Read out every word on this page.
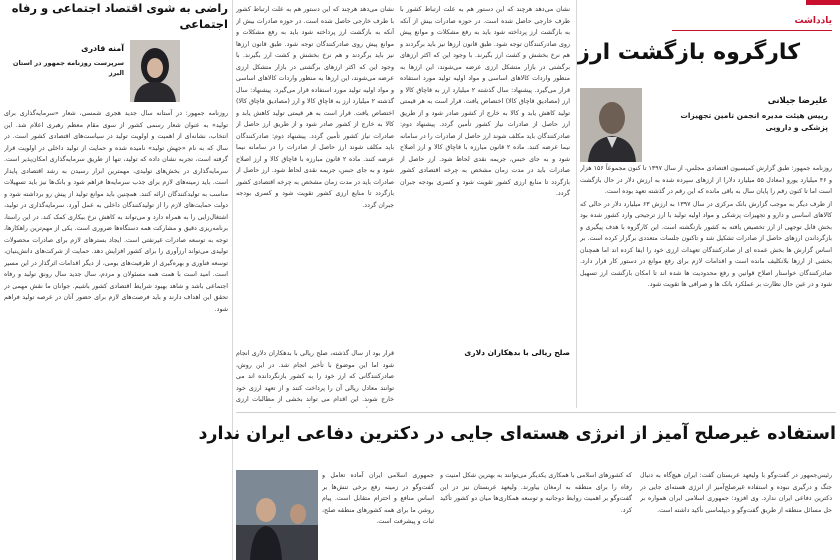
یادداشت
کارگروه بازگشت ارز
علیرضا جیلانی
رییس هیئت مدیره انجمن تامین تجهیزات پزشکی و دارویی

روزنامه جمهور: طبق گزارش کمیسیون اقتصادی مجلس، از سال ۱۳۹۷ تا کنون مجموعاً ۱۵۶ هزار و ۴۶ میلیارد یورو (معادل ۵۵ میلیارد دلار) از ارزهای سپرده شده به ارزش دلار در حال بازگشت است اما تا کنون رقم را پایان سال به باقی مانده که این رقم در گذشته تعهد بوده است.

از طرف دیگر به موجب گزارش بانک مرکزی در سال ۱۳۹۷ به ارزش ۶۳ میلیارد دلار در حالی که کالاهای اساسی و دارو و تجهیزات پزشکی و مواد اولیه تولید با ارز ترجیحی وارد کشور شده بود بخش قابل توجهی از ارز تخصیص یافته به کشور بازنگشته است. این کارگروه با هدف پیگیری و بازگرداندن ارزهای حاصل از صادرات تشکیل شد و تاکنون جلسات متعددی برگزار کرده است. بر اساس گزارش ها بخش عمده ای از صادرکنندگان تعهدات ارزی خود را ایفا کرده اند اما همچنان بخشی از ارزها بلاتکلیف مانده است و اقدامات لازم برای رفع موانع در دستور کار قرار دارد. صادرکنندگان خواستار اصلاح قوانین و رفع محدودیت ها شده اند تا امکان بازگشت ارز تسهیل شود و در عین حال نظارت بر عملکرد بانک ها و صرافی ها تقویت شود.

نشان می‌دهد هرچند که این دستور هم به علت ارتباط کشور با طرف خارجی حاصل شده است. در حوزه صادرات بیش از آنکه به بازگشت ارز پرداخته شود باید به رفع مشکلات و موانع پیش روی صادرکنندگان توجه شود. طبق قانون ارزها نیز باید برگردند و هم نرخ بخشش و کشت ارز بگیرند. با وجود این که اکثر ارزهای برگشتی در بازار متشکل ارزی عرضه می‌شوند، این ارزها به منظور واردات کالاهای اساسی و مواد اولیه تولید مورد استفاده قرار می‌گیرد. پیشنهاد: سال گذشته ۲ میلیارد ارز به قاچاق کالا و ارز (مصادیق قاچاق کالا) اختصاص یافت. قرار است به هر قیمتی تولید کاهش یابد و کالا به خارج از کشور صادر شود و از طریق ارز حاصل از صادرات نیاز کشور تأمین گردد. پیشنهاد دوم: صادرکنندگان باید مکلف شوند ارز حاصل از صادرات را در سامانه نیما عرضه کنند. ماده ۲ قانون مبارزه با قاچاق کالا و ارز اصلاح شود و به جای حبس، جریمه نقدی لحاظ شود. ارز حاصل از صادرات باید در مدت زمان مشخص به چرخه اقتصادی کشور بازگردد تا منابع ارزی کشور تقویت شود و کسری بودجه جبران گردد.

نشان می‌دهد هرچند که این دستور هم به علت ارتباط کشور با طرف خارجی حاصل شده است. در حوزه صادرات بیش از آنکه به بازگشت ارز پرداخته شود باید به رفع مشکلات و موانع پیش روی صادرکنندگان توجه شود. طبق قانون ارزها نیز باید برگردند و هم نرخ بخشش و کشت ارز بگیرند. با وجود این که اکثر ارزهای برگشتی در بازار متشکل ارزی عرضه می‌شوند، این ارزها به منظور واردات کالاهای اساسی و مواد اولیه تولید مورد استفاده قرار می‌گیرد. پیشنهاد: سال گذشته ۲ میلیارد ارز به قاچاق کالا و ارز (مصادیق قاچاق کالا) اختصاص یافت. قرار است به هر قیمتی تولید کاهش یابد و کالا به خارج از کشور صادر شود و از طریق ارز حاصل از صادرات نیاز کشور تأمین گردد. پیشنهاد دوم: صادرکنندگان باید مکلف شوند ارز حاصل از صادرات را در سامانه نیما عرضه کنند. ماده ۲ قانون مبارزه با قاچاق کالا و ارز اصلاح شود و به جای حبس، جریمه نقدی لحاظ شود. ارز حاصل از صادرات باید در مدت زمان مشخص به چرخه اقتصادی کشور بازگردد تا منابع ارزی کشور تقویت شود و کسری بودجه جبران گردد.

صلح ریالی با بدهکاران دلاری

قرار بود از سال گذشته، صلح ریالی با بدهکاران دلاری انجام شود اما این موضوع با تأخیر انجام شد. در این روش، صادرکنندگانی که ارز خود را به کشور بازنگردانده اند می توانند معادل ریالی آن را پرداخت کنند و از تعهد ارزی خود خارج شوند. این اقدام می تواند بخشی از مطالبات ارزی

راضی به شوی اقتصاد اجتماعی و رفاه اجتماعی
آمنه قادری
سرپرست روزنامه جمهور در استان البرز

روزنامه جمهور: در آستانه سال جدید هجری شمسی، شعار «سرمایه‌گذاری برای تولید» به عنوان شعار رسمی کشور از سوی مقام معظم رهبری اعلام شد. این انتخاب، نشانه‌ای از اهمیت و اولویت تولید در سیاست‌های اقتصادی کشور است. در سال که به نام «جهش تولید» نامیده شده و حمایت از تولید داخلی در اولویت قرار گرفته است، تجربه نشان داده که تولید، تنها از طریق سرمایه‌گذاری امکان‌پذیر است. سرمایه‌گذاری در بخش‌های تولیدی، مهمترین ابزار رسیدن به رشد اقتصادی پایدار است. باید زمینه‌های لازم برای جذب سرمایه‌ها فراهم شود و بانک‌ها نیز باید تسهیلات مناسب به تولیدکنندگان ارائه کنند. همچنین باید موانع تولید از پیش رو برداشته شود و دولت حمایت‌های لازم را از تولیدکنندگان داخلی به عمل آورد. سرمایه‌گذاری در تولید، اشتغال‌زایی را به همراه دارد و می‌تواند به کاهش نرخ بیکاری کمک کند. در این راستا، برنامه‌ریزی دقیق و مشارکت همه دستگاه‌ها ضروری است. یکی از مهم‌ترین راهکارها، توجه به توسعه صادرات غیرنفتی است. ایجاد بسترهای لازم برای صادرات محصولات تولیدی می‌تواند ارزآوری را برای کشور افزایش دهد. حمایت از شرکت‌های دانش‌بنیان، توسعه فناوری و بهره‌گیری از ظرفیت‌های بومی، از دیگر اقدامات اثرگذار در این مسیر است. امید است با همت همه مسئولان و مردم، سال جدید سال رونق تولید و رفاه اجتماعی باشد و شاهد بهبود شرایط اقتصادی کشور باشیم. جوانان ما نقش مهمی در تحقق این اهداف دارند و باید فرصت‌های لازم برای حضور آنان در عرصه تولید فراهم شود.

استفاده غیرصلح آمیز از انرژی هسته‌ای جایی در دکترین دفاعی ایران ندارد

رئیس‌جمهور در گفت‌وگو با ولیعهد عربستان گفت: ایران هیچ‌گاه به دنبال جنگ و درگیری نبوده و استفاده غیرصلح‌آمیز از انرژی هسته‌ای جایی در دکترین دفاعی ایران ندارد. وی افزود: جمهوری اسلامی ایران همواره بر حل مسائل منطقه از طریق گفت‌وگو و دیپلماسی تأکید داشته است.

که کشورهای اسلامی با همکاری یکدیگر می‌توانند به بهترین شکل امنیت و رفاه را برای منطقه به ارمغان بیاورند. ولیعهد عربستان نیز در این گفت‌وگو بر اهمیت روابط دوجانبه و توسعه همکاری‌ها میان دو کشور تأکید کرد.

جمهوری اسلامی ایران آماده تعامل و گفت‌وگو در زمینه رفع برخی تنش‌ها بر اساس منافع و احترام متقابل است. پیام روشن ما برای همه کشورهای منطقه صلح، ثبات و پیشرفت است.
